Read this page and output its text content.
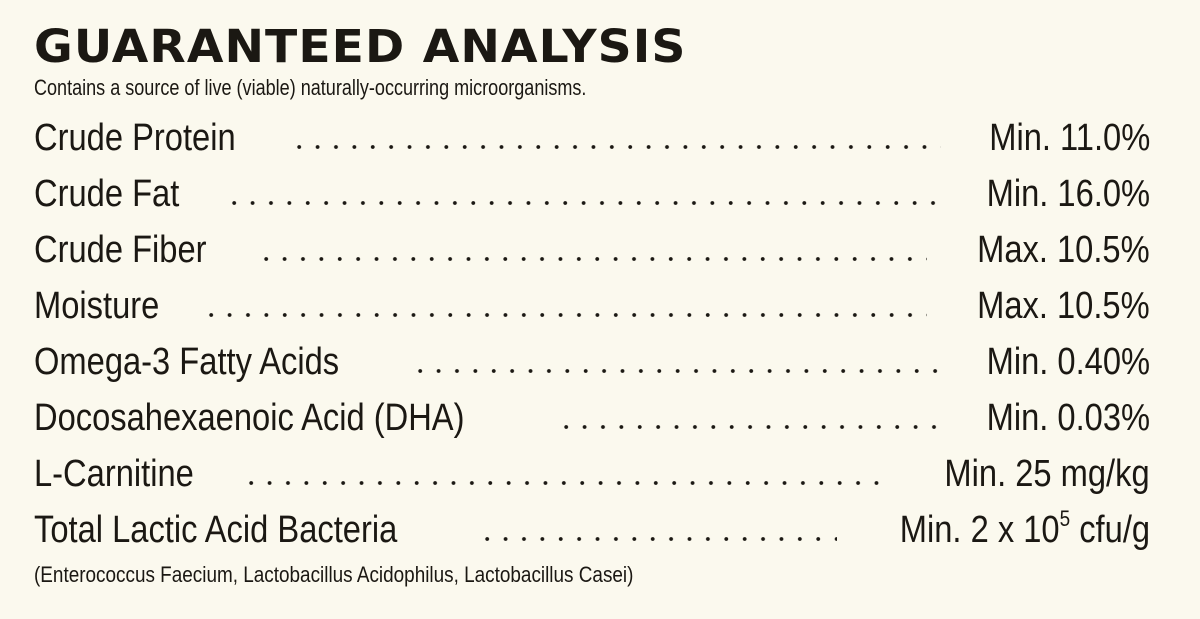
GUARANTEED ANALYSIS
Contains a source of live (viable) naturally-occurring microorganisms.
Crude Protein	Min. 11.0%
Crude Fat	Min. 16.0%
Crude Fiber	Max. 10.5%
Moisture	Max. 10.5%
Omega-3 Fatty Acids	Min. 0.40%
Docosahexaenoic Acid (DHA)	Min. 0.03%
L-Carnitine	Min. 25 mg/kg
Total Lactic Acid Bacteria	Min. 2 x $10^5$ cfu/g
(Enterococcus Faecium, Lactobacillus Acidophilus, Lactobacillus Casei)
